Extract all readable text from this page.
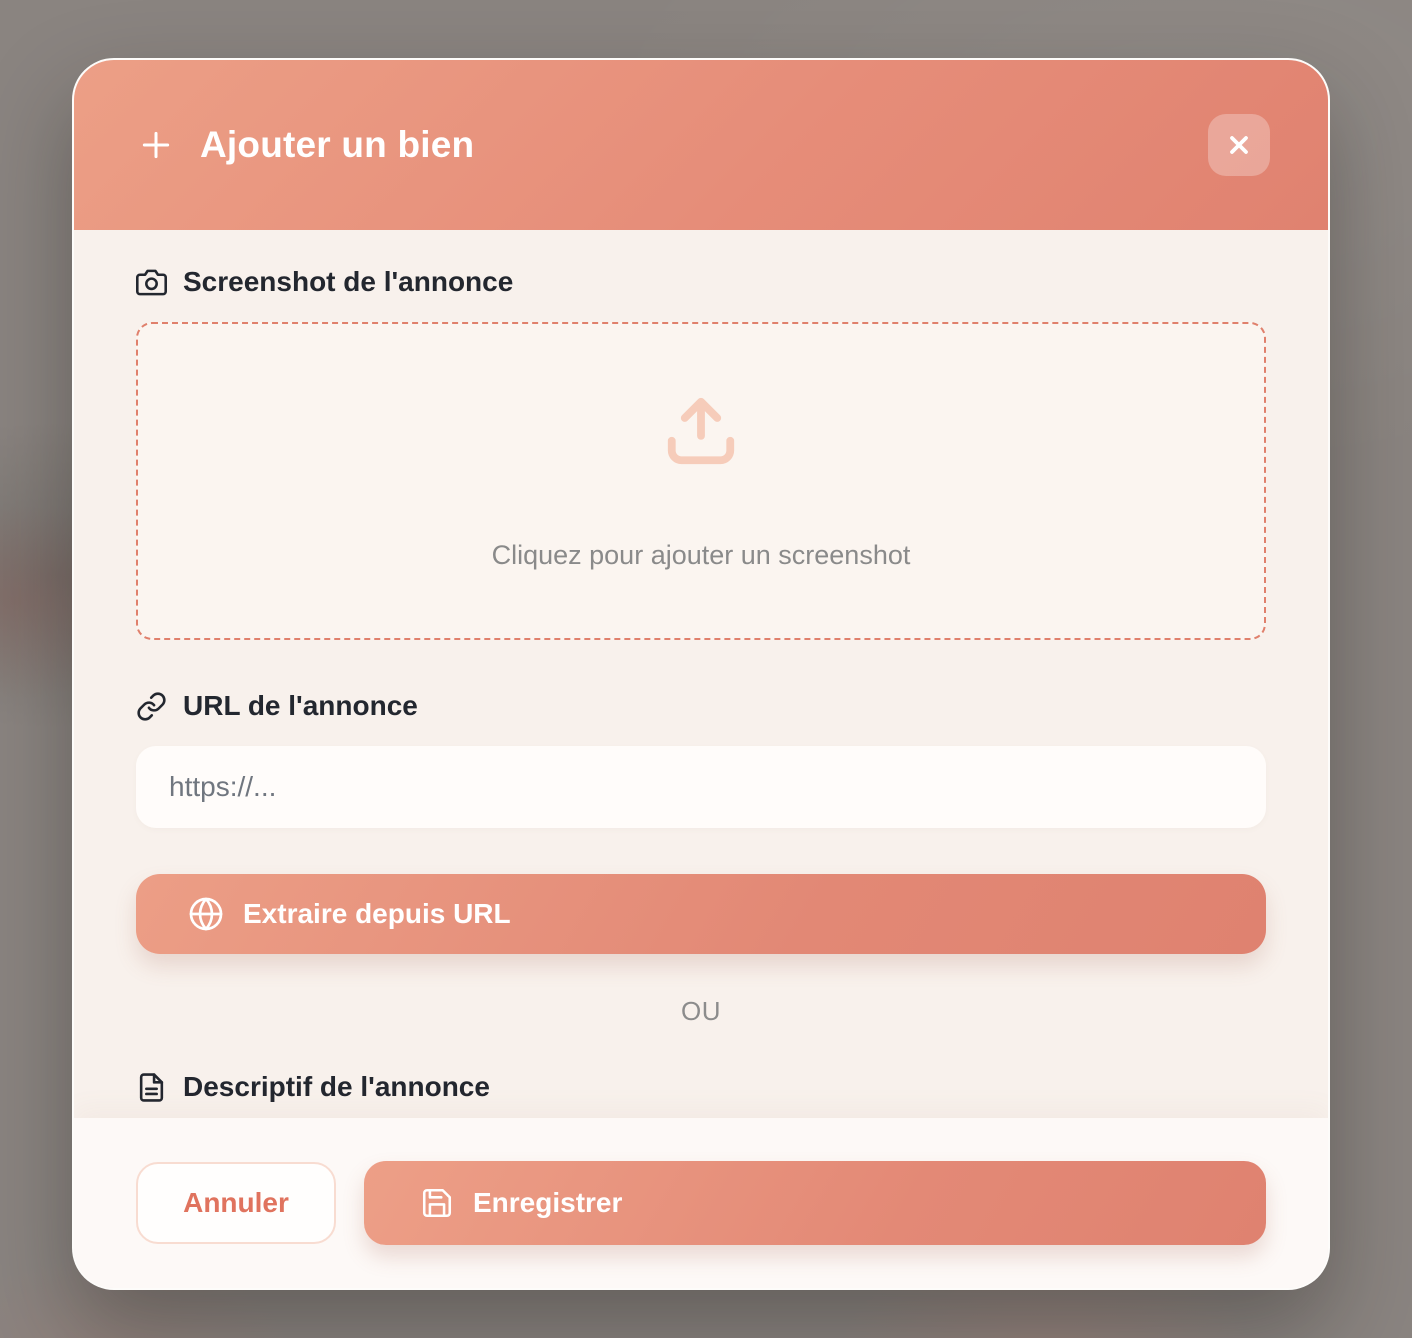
Ajouter un bien
Screenshot de l'annonce
Cliquez pour ajouter un screenshot
URL de l'annonce
https://...
Extraire depuis URL
OU
Descriptif de l'annonce
Annuler	Enregistrer
